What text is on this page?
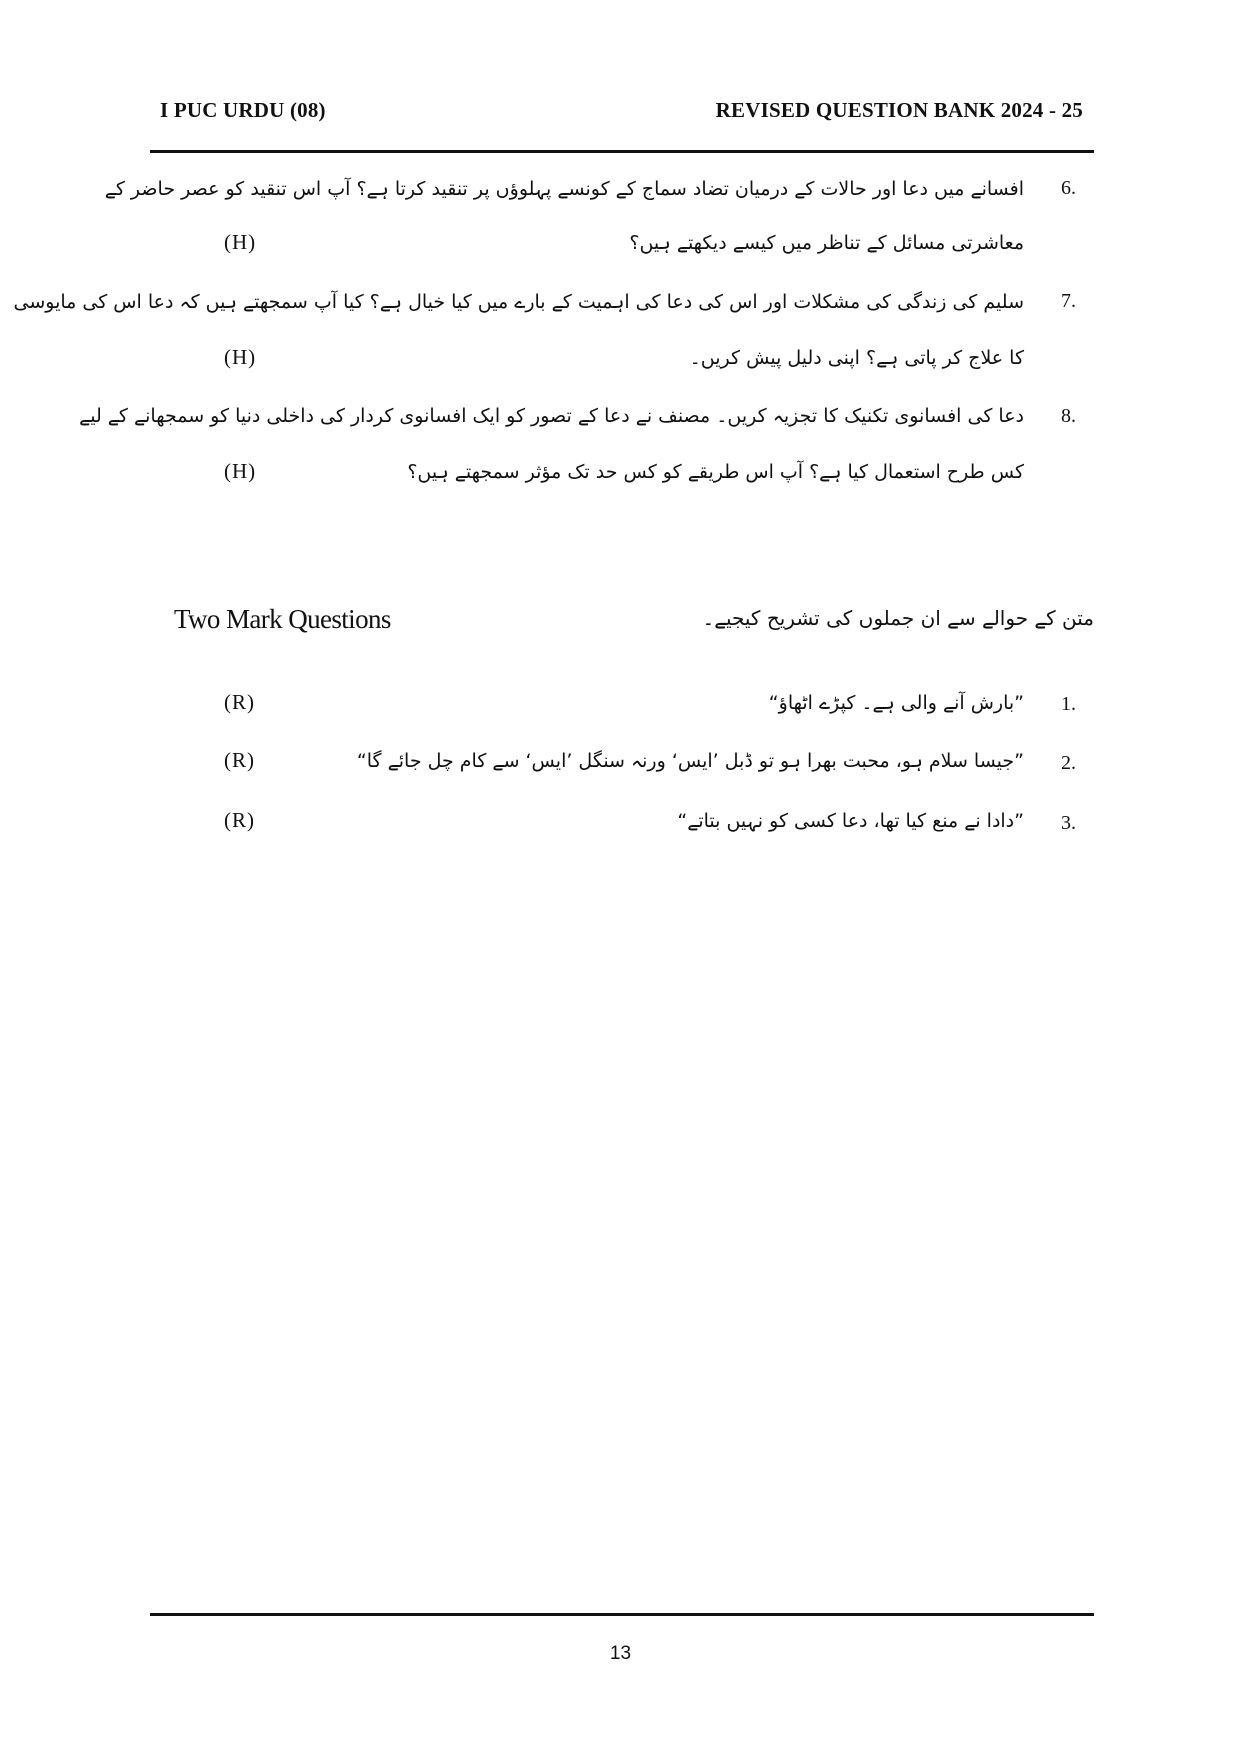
I PUC URDU (08)	REVISED QUESTION BANK 2024 - 25
6.
افسانے میں دعا اور حالات کے درمیان تضاد سماج کے کونسے پہلوؤں پر تنقید کرتا ہے؟ آپ اس تنقید کو عصر حاضر کے
معاشرتی مسائل کے تناظر میں کیسے دیکھتے ہیں؟
(H)
7.
سلیم کی زندگی کی مشکلات اور اس کی دعا کی اہمیت کے بارے میں کیا خیال ہے؟ کیا آپ سمجھتے ہیں کہ دعا اس کی مایوسی
کا علاج کر پاتی ہے؟ اپنی دلیل پیش کریں۔
(H)
8.
دعا کی افسانوی تکنیک کا تجزیہ کریں۔ مصنف نے دعا کے تصور کو ایک افسانوی کردار کی داخلی دنیا کو سمجھانے کے لیے
کس طرح استعمال کیا ہے؟ آپ اس طریقے کو کس حد تک مؤثر سمجھتے ہیں؟
(H)
Two Mark Questions	متن کے حوالے سے ان جملوں کی تشریح کیجیے۔
1.
”بارش آنے والی ہے۔ کپڑے اٹھاؤ“
(R)
2.
”جیسا سلام ہو، محبت بھرا ہو تو ڈبل ’ایس‘ ورنہ سنگل ’ایس‘ سے کام چل جائے گا“
(R)
3.
”دادا نے منع کیا تھا، دعا کسی کو نہیں بتاتے“
(R)
13
